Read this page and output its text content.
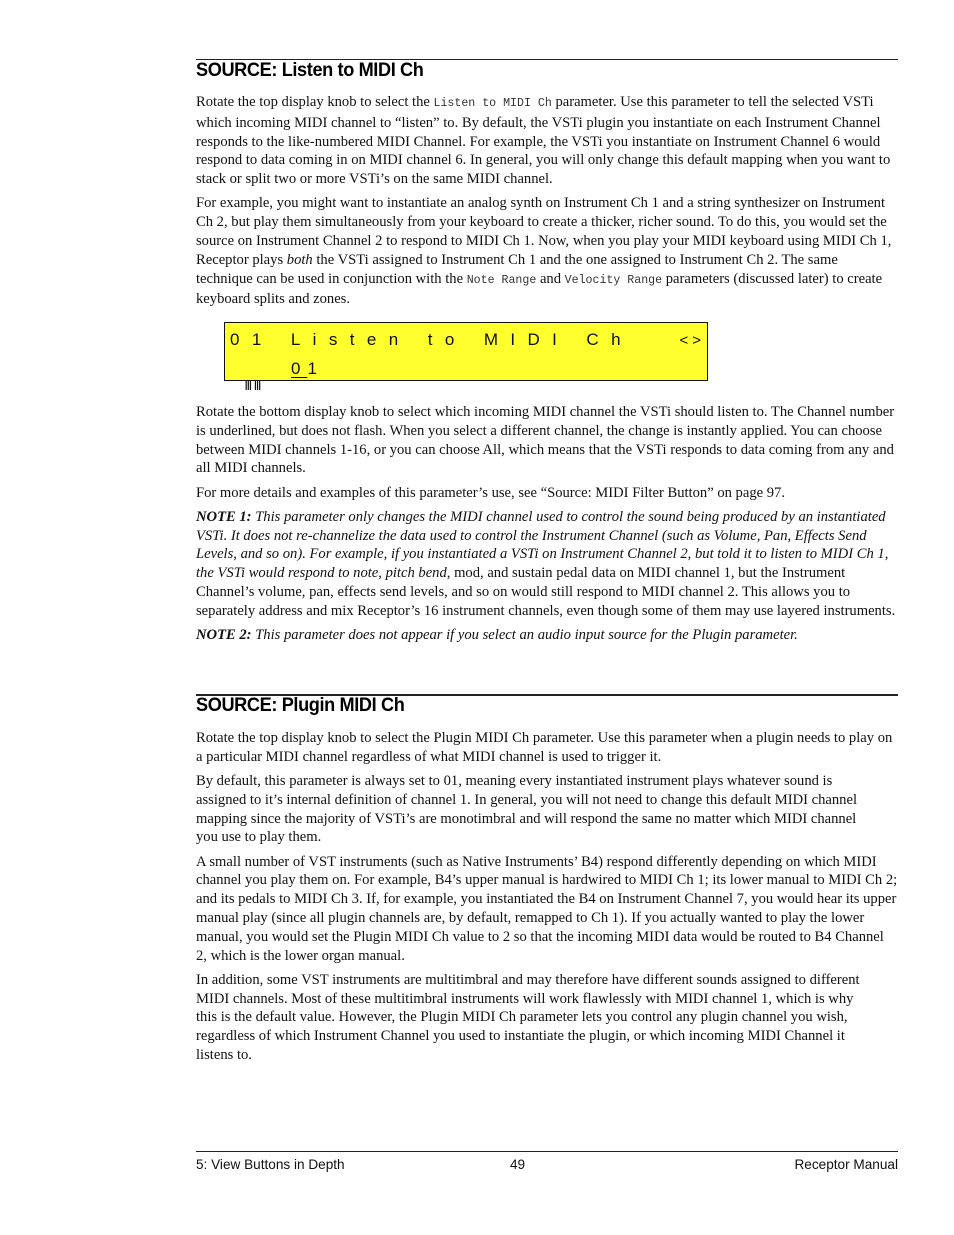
SOURCE: Listen to MIDI Ch

Rotate the top display knob to select the Listen to MIDI Ch parameter. Use this parameter to tell the selected VSTi which incoming MIDI channel to “listen” to. By default, the VSTi plugin you instantiate on each Instrument Channel responds to the like-numbered MIDI Channel. For example, the VSTi you instantiate on Instrument Channel 6 would respond to data coming in on MIDI channel 6. In general, you will only change this default mapping when you want to stack or split two or more VSTi’s on the same MIDI channel.

For example, you might want to instantiate an analog synth on Instrument Ch 1 and a string synthesizer on Instrument Ch 2, but play them simultaneously from your keyboard to create a thicker, richer sound. To do this, you would set the source on Instrument Channel 2 to respond to MIDI Ch 1. Now, when you play your MIDI keyboard using MIDI Ch 1, Receptor plays both the VSTi assigned to Instrument Ch 1 and the one assigned to Instrument Ch 2. The same technique can be used in conjunction with the Note Range and Velocity Range parameters (discussed later) to create keyboard splits and zones.

01 Listen to MIDI Ch	<>

lll lll

01

Rotate the bottom display knob to select which incoming MIDI channel the VSTi should listen to. The Channel number is underlined, but does not flash. When you select a different channel, the change is instantly applied. You can choose between MIDI channels 1-16, or you can choose All, which means that the VSTi responds to data coming from any and all MIDI channels.

For more details and examples of this parameter’s use, see “Source: MIDI Filter Button” on page 97.

NOTE 1: This parameter only changes the MIDI channel used to control the sound being produced by an instantiated VSTi. It does not re-channelize the data used to control the Instrument Channel (such as Volume, Pan, Effects Send Levels, and so on). For example, if you instantiated a VSTi on Instrument Channel 2, but told it to listen to MIDI Ch 1, the VSTi would respond to note, pitch bend, mod, and sustain pedal data on MIDI channel 1, but the Instrument Channel’s volume, pan, effects send levels, and so on would still respond to MIDI channel 2. This allows you to separately address and mix Receptor’s 16 instrument channels, even though some of them may use layered instruments.

NOTE 2: This parameter does not appear if you select an audio input source for the Plugin parameter.

SOURCE: Plugin MIDI Ch

Rotate the top display knob to select the Plugin MIDI Ch parameter. Use this parameter when a plugin needs to play on a particular MIDI channel regardless of what MIDI channel is used to trigger it.

By default, this parameter is always set to 01, meaning every instantiated instrument plays whatever sound is assigned to it’s internal definition of channel 1. In general, you will not need to change this default MIDI channel mapping since the majority of VSTi’s are monotimbral and will respond the same no matter which MIDI channel you use to play them.

A small number of VST instruments (such as Native Instruments’ B4) respond differently depending on which MIDI channel you play them on. For example, B4’s upper manual is hardwired to MIDI Ch 1; its lower manual to MIDI Ch 2; and its pedals to MIDI Ch 3. If, for example, you instantiated the B4 on Instrument Channel 7, you would hear its upper manual play (since all plugin channels are, by default, remapped to Ch 1). If you actually wanted to play the lower manual, you would set the Plugin MIDI Ch value to 2 so that the incoming MIDI data would be routed to B4 Channel 2, which is the lower organ manual.

In addition, some VST instruments are multitimbral and may therefore have different sounds assigned to different MIDI channels. Most of these multitimbral instruments will work flawlessly with MIDI channel 1, which is why this is the default value. However, the Plugin MIDI Ch parameter lets you control any plugin channel you wish, regardless of which Instrument Channel you used to instantiate the plugin, or which incoming MIDI Channel it listens to.

5: View Buttons in Depth	49	Receptor Manual
